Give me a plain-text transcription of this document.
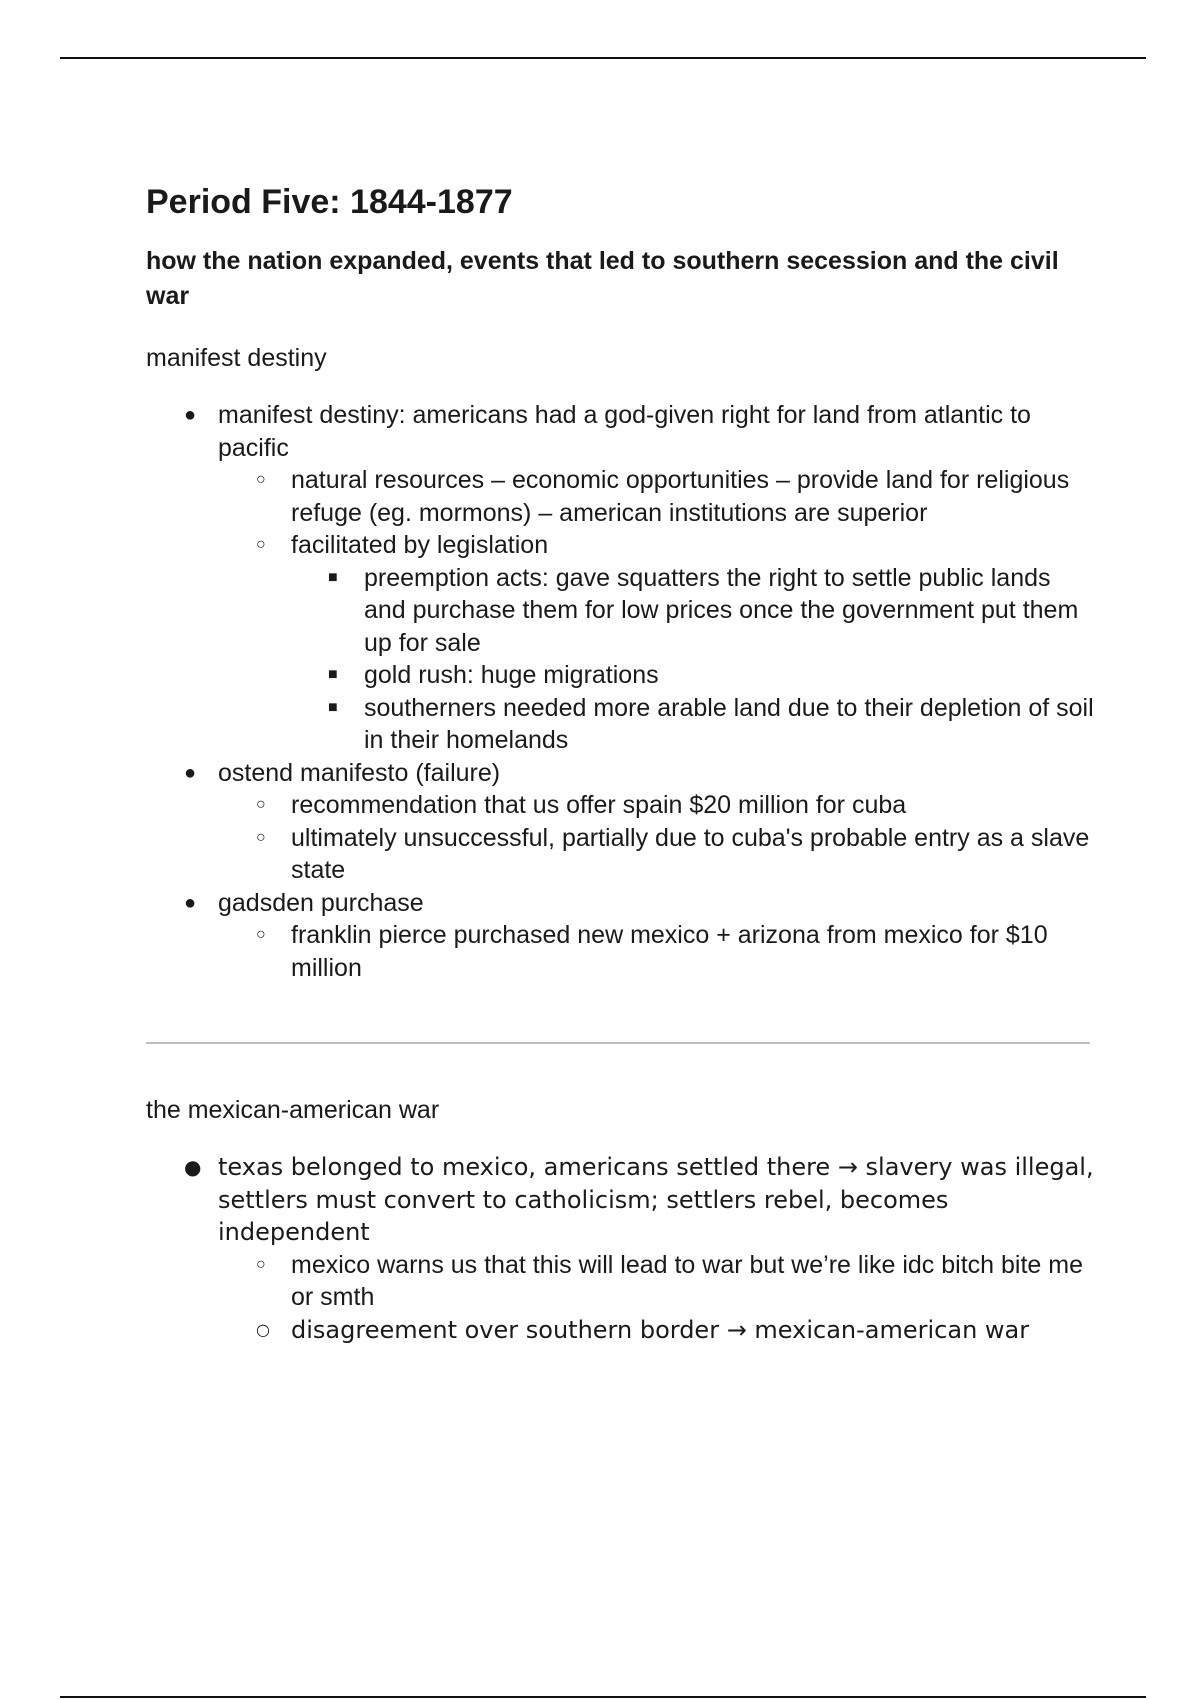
Period Five: 1844-1877
how the nation expanded, events that led to southern secession and the civil war
manifest destiny
● manifest destiny: americans had a god-given right for land from atlantic to pacific
○ natural resources – economic opportunities – provide land for religious refuge (eg. mormons) – american institutions are superior
○ facilitated by legislation
■ preemption acts: gave squatters the right to settle public lands and purchase them for low prices once the government put them up for sale
■ gold rush: huge migrations
■ southerners needed more arable land due to their depletion of soil in their homelands
● ostend manifesto (failure)
○ recommendation that us offer spain $20 million for cuba
○ ultimately unsuccessful, partially due to cuba's probable entry as a slave state
● gadsden purchase
○ franklin pierce purchased new mexico + arizona from mexico for $10 million
the mexican-american war
● texas belonged to mexico, americans settled there → slavery was illegal, settlers must convert to catholicism; settlers rebel, becomes independent
○ mexico warns us that this will lead to war but we’re like idc bitch bite me or smth
○ disagreement over southern border → mexican-american war
